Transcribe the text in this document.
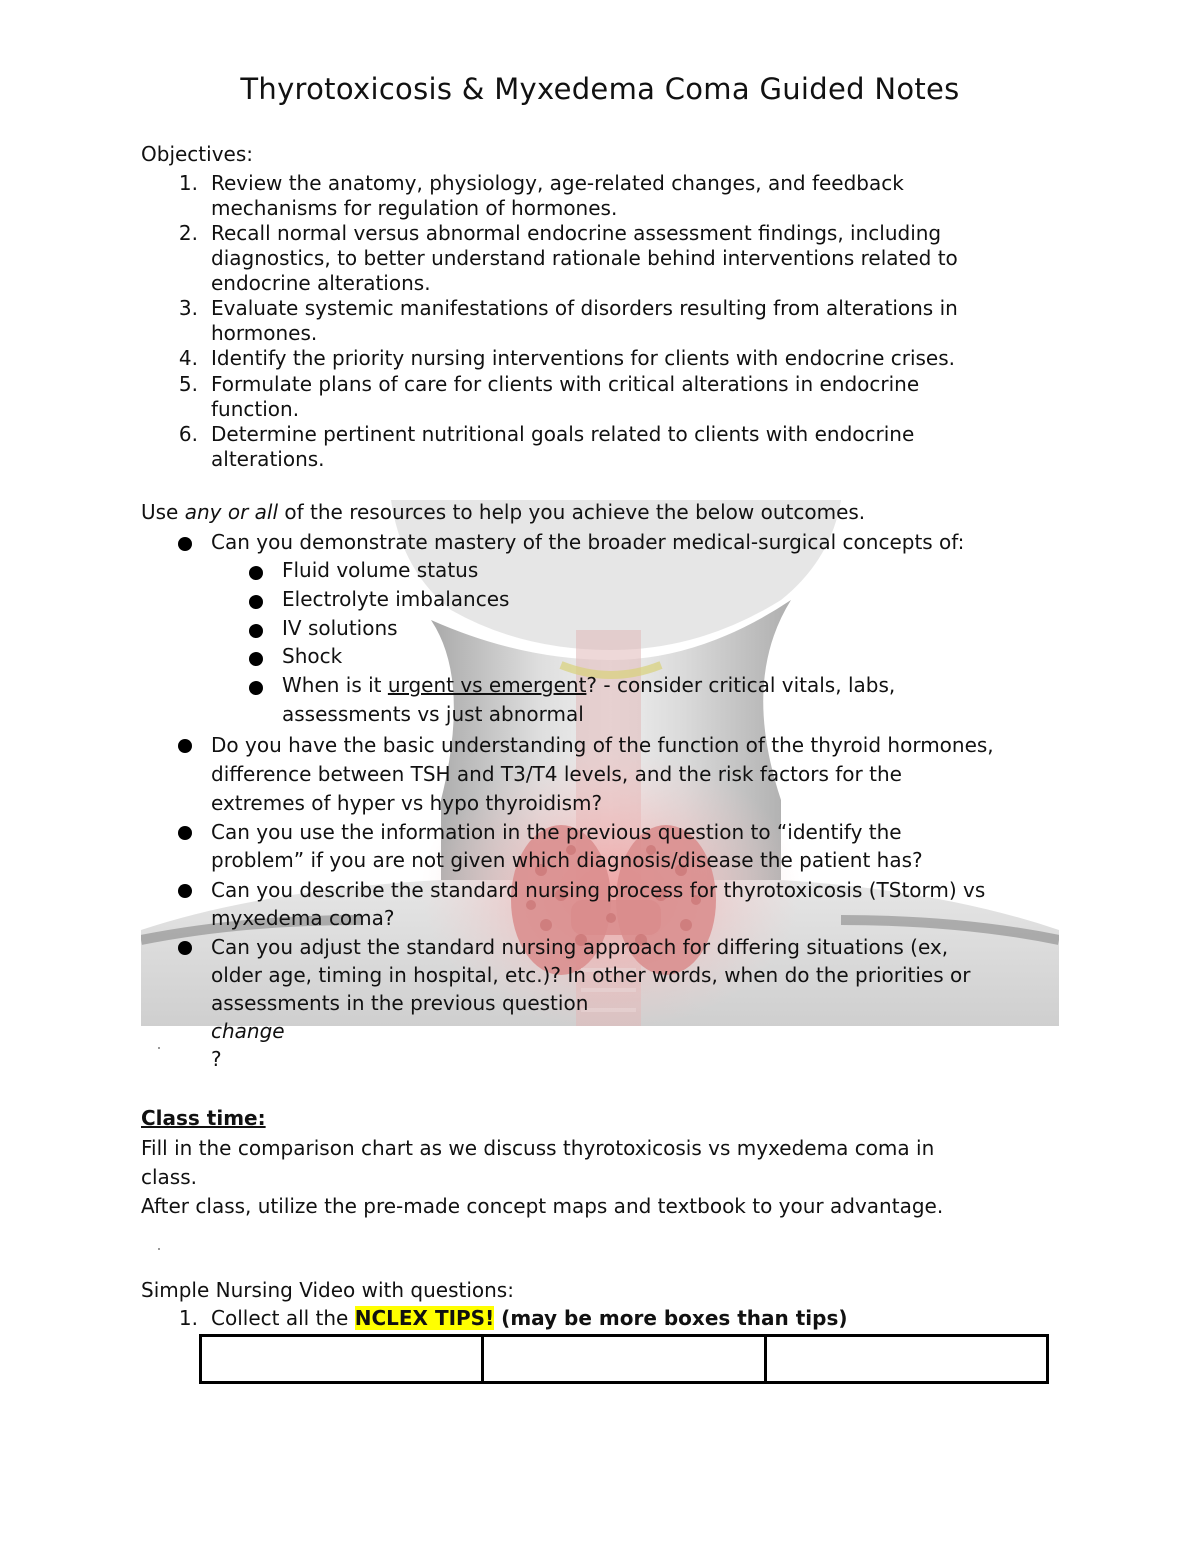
Thyrotoxicosis & Myxedema Coma Guided Notes
Objectives:
1. Review the anatomy, physiology, age-related changes, and feedback
mechanisms for regulation of hormones.
2. Recall normal versus abnormal endocrine assessment findings, including
diagnostics, to better understand rationale behind interventions related to
endocrine alterations.
3. Evaluate systemic manifestations of disorders resulting from alterations in
hormones.
4. Identify the priority nursing interventions for clients with endocrine crises.
5. Formulate plans of care for clients with critical alterations in endocrine
function.
6. Determine pertinent nutritional goals related to clients with endocrine
alterations.
Use any or all of the resources to help you achieve the below outcomes.
Can you demonstrate mastery of the broader medical-surgical concepts of:
Fluid volume status
Electrolyte imbalances
IV solutions
Shock
When is it urgent vs emergent? - consider critical vitals, labs,
assessments vs just abnormal
Do you have the basic understanding of the function of the thyroid hormones,
difference between TSH and T3/T4 levels, and the risk factors for the
extremes of hyper vs hypo thyroidism?
Can you use the information in the previous question to “identify the
problem” if you are not given which diagnosis/disease the patient has?
Can you describe the standard nursing process for thyrotoxicosis (TStorm) vs
myxedema coma?
Can you adjust the standard nursing approach for differing situations (ex,
older age, timing in hospital, etc.)? In other words, when do the priorities or
assessments in the previous question
change
?
Class time:
Fill in the comparison chart as we discuss thyrotoxicosis vs myxedema coma in
class.
After class, utilize the pre-made concept maps and textbook to your advantage.
Simple Nursing Video with questions:
1. Collect all the NCLEX TIPS! (may be more boxes than tips)
